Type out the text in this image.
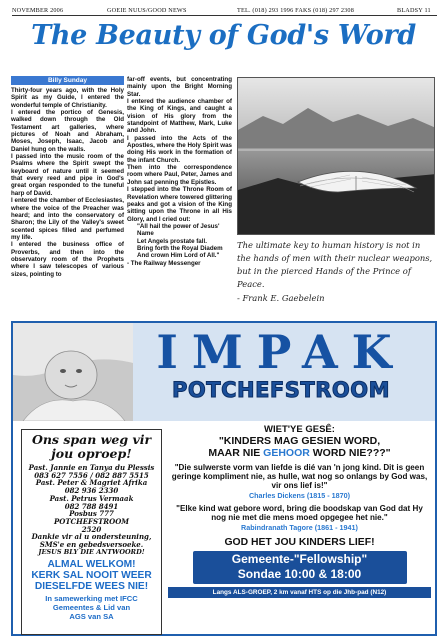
NOVEMBER 2006	GOEIE NUUS/GOOD NEWS	TEL. (018) 293 1996 FAKS (018) 297 2308	BLADSY 11
The Beauty of God's Word
Billy Sunday

Thirty-four years ago, with the Holy Spirit as my Guide, I entered the wonderful temple of Christianity.

I entered the portico of Genesis, walked down through the Old Testament art galleries, where pictures of Noah and Abraham, Moses, Joseph, Isaac, Jacob and Daniel hung on the walls.

I passed into the music room of the Psalms where the Spirit swept the keyboard of nature until it seemed that every reed and pipe in God's great organ responded to the tuneful harp of David.

I entered the chamber of Ecclesiastes, where the voice of the Preacher was heard; and into the conservatory of Sharon; the Lily of the Valley's sweet scented spices filled and perfumed my life.

I entered the business office of Proverbs, and then into the observatory room of the Prophets where I saw telescopes of various sizes, pointing to

far-off events, but concentrating mainly upon the Bright Morning Star.

I entered the audience chamber of the King of Kings, and caught a vision of His glory from the standpoint of Matthew, Mark, Luke and John.

I passed into the Acts of the Apostles, where the Holy Spirit was doing His work in the formation of the infant Church.

Then into the correspondence room where Paul, Peter, James and John sat penning the Epistles.

I stepped into the Throne Room of Revelation where towered glittering peaks and got a vision of the King sitting upon the Throne in all His Glory, and I cried out:

"All hail the power of Jesus' Name

Let Angels prostate fall.

Bring forth the Royal Diadem

And crown Him Lord of All."

- The Railway Messenger

The ultimate key to human history is not in the hands of men with their nuclear weapons, but in the pierced Hands of the Prince of Peace.
- Frank E. Gaebelein
IMPAK
POTCHEFSTROOM
Ons span weg vir jou oproep!
Past. Jannie en Tanya du Plessis
083 627 7556 / 082 887 5515
Past. Peter & Magriet Afrika
082 936 2330
Past. Petrus Vermaak
082 788 8491
Posbus 777
POTCHEFSTROOM
2520
Dankie vir al u ondersteuning, SMS'e en gebedsversoeke.
JESUS BLY DIE ANTWOORD!
ALMAL WELKOM!
KERK SAL NOOIT WEER
DIESELFDE WEES NIE!
In samewerking met IFCC
Gemeentes & Lid van
AGS van SA
WIET'YE GESÊ:
"KINDERS MAG GESIEN WORD,
MAAR NIE GEHOOR WORD NIE???"
"Die sulwerste vorm van liefde is dié van 'n jong kind. Dit is geen geringe kompliment nie, as hulle, wat nog so onlangs by God was, vir ons lief is!"
Charles Dickens (1815 - 1870)
"Elke kind wat gebore word, bring die boodskap van God dat Hy nog nie met die mens moed opgegee het nie."
Rabindranath Tagore (1861 - 1941)
GOD HET JOU KINDERS LIEF!
Gemeente-"Fellowship"
Sondae 10:00 & 18:00
Langs ALS-GROEP, 2 km vanaf HTS op die Jhb-pad (N12)
